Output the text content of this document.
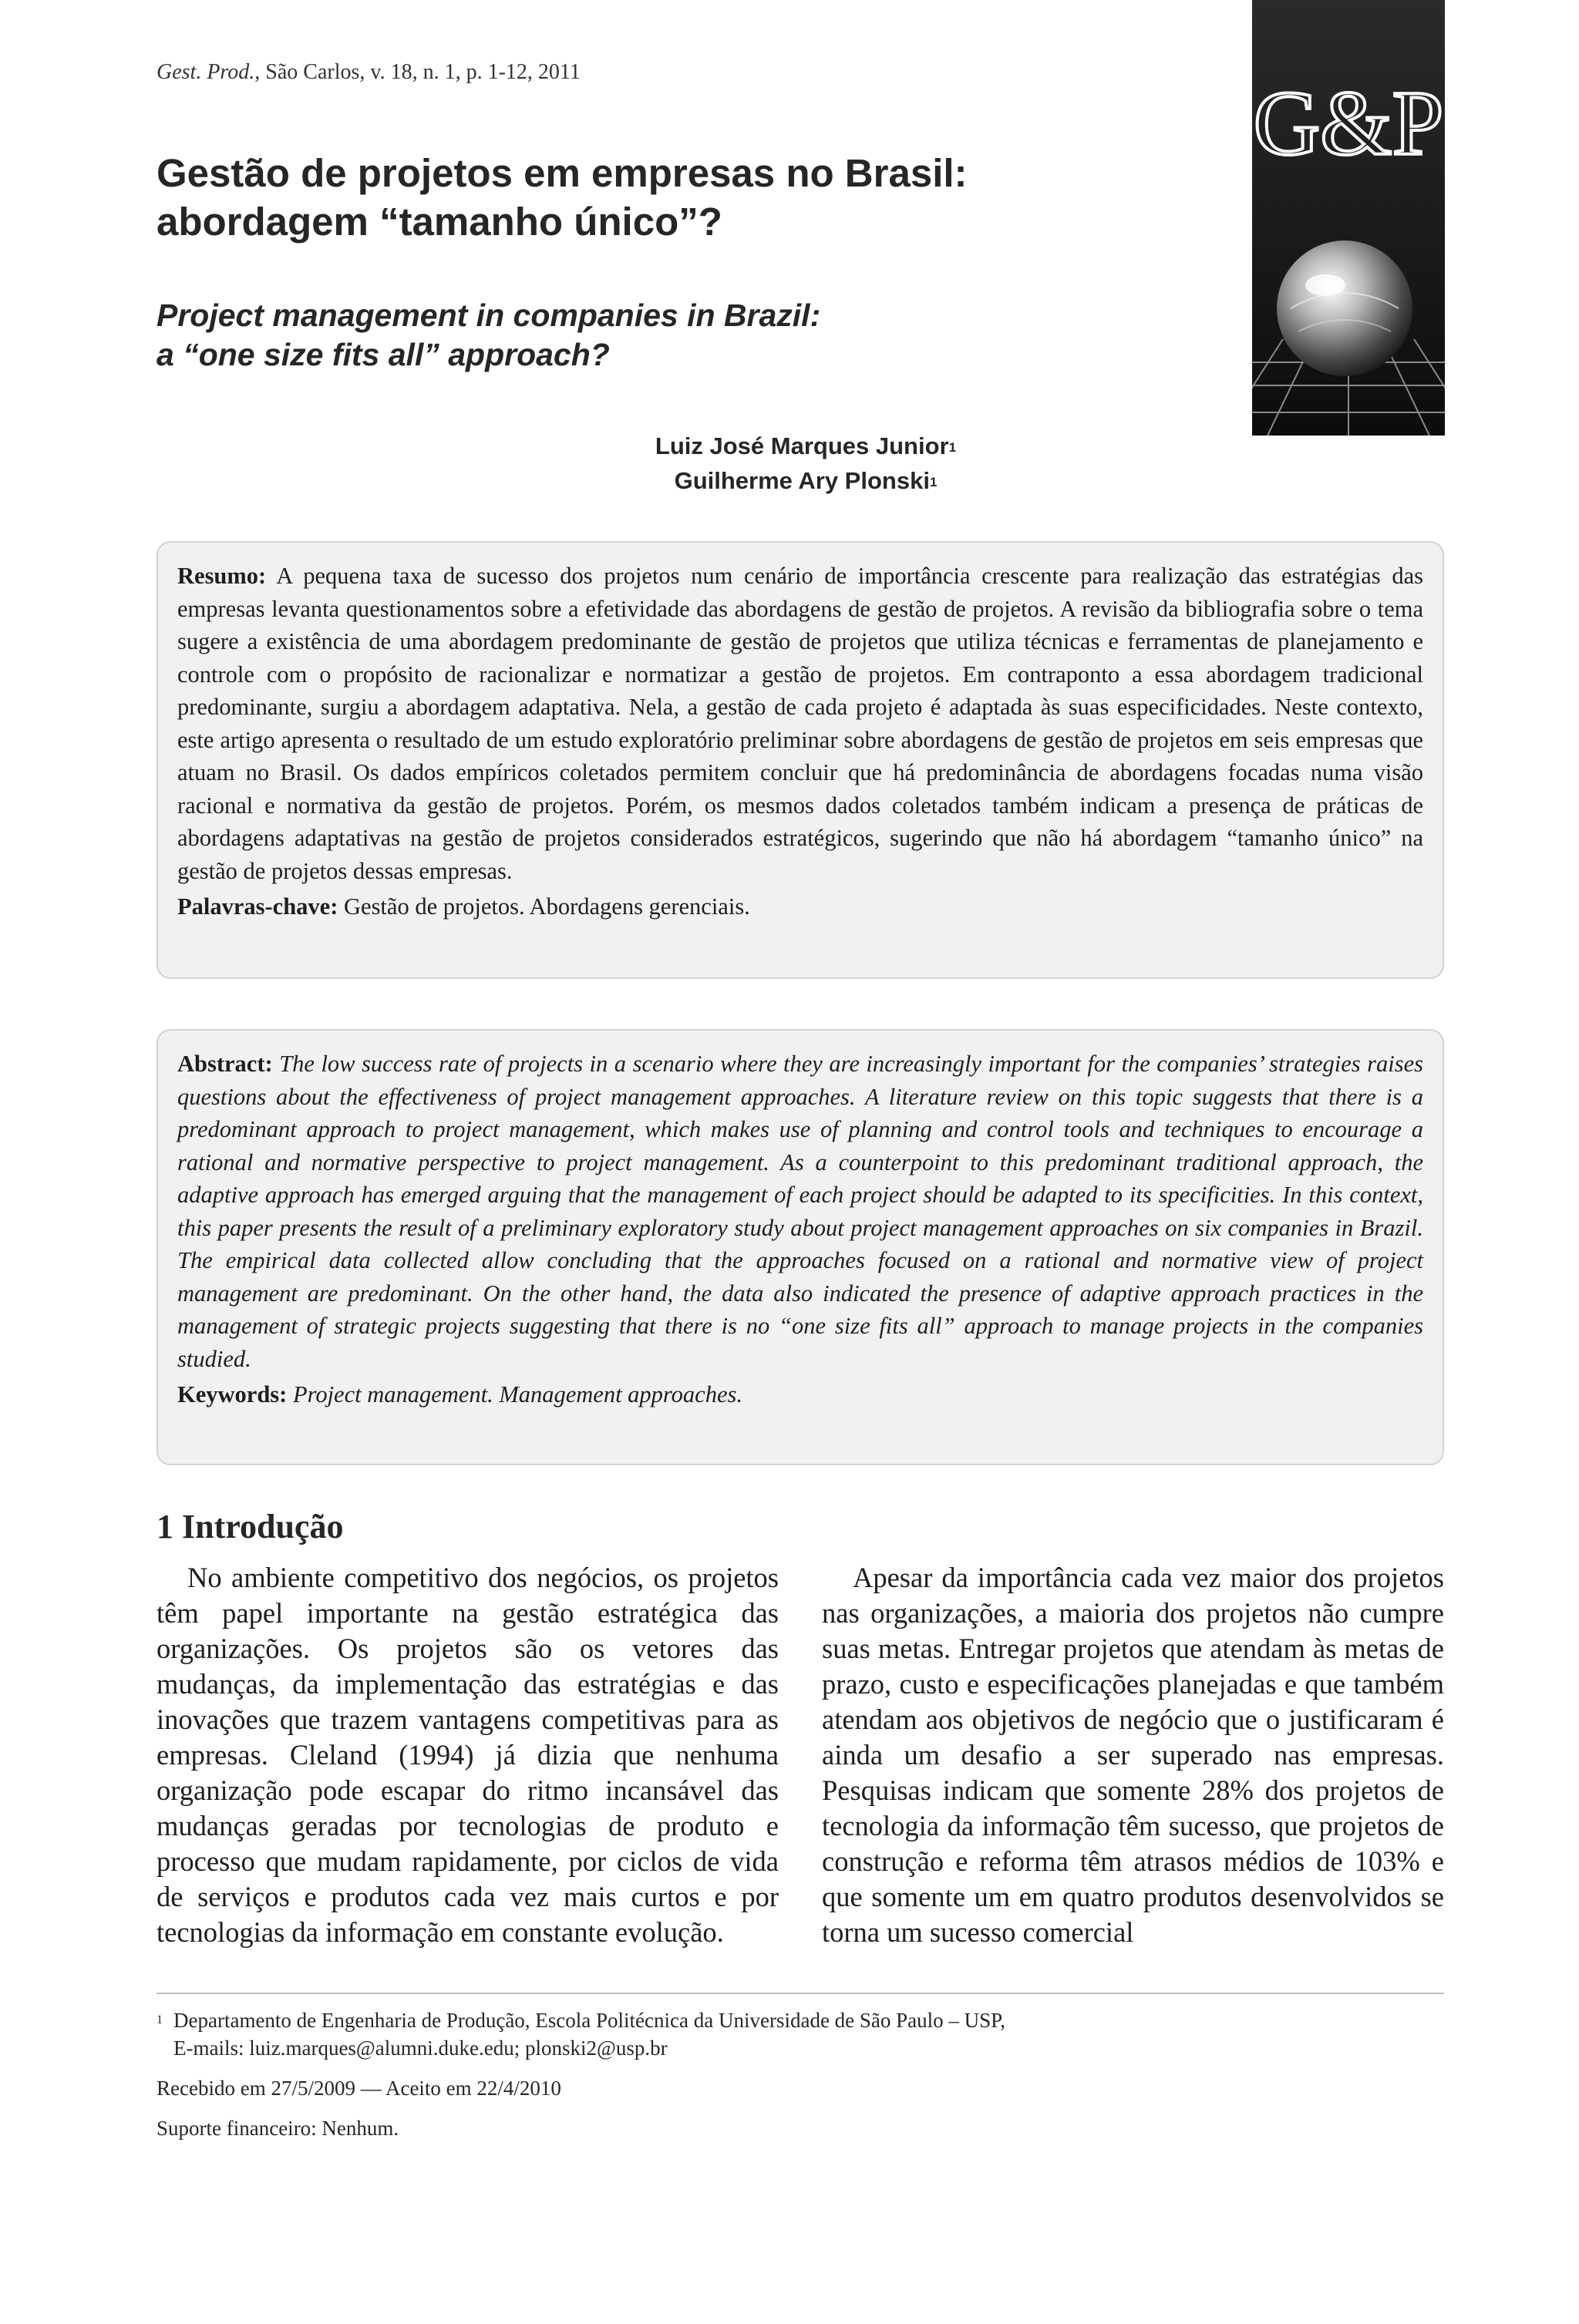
Gest. Prod., São Carlos, v. 18, n. 1, p. 1-12, 2011	G&P
Gestão de projetos em empresas no Brasil:
abordagem “tamanho único”?
Project management in companies in Brazil:
a “one size fits all” approach?
Luiz José Marques Junior$^1$
Guilherme Ary Plonski$^1$

Resumo: A pequena taxa de sucesso dos projetos num cenário de importância crescente para realização das estratégias das empresas levanta questionamentos sobre a efetividade das abordagens de gestão de projetos. A revisão da bibliografia sobre o tema sugere a existência de uma abordagem predominante de gestão de projetos que utiliza técnicas e ferramentas de planejamento e controle com o propósito de racionalizar e normatizar a gestão de projetos. Em contraponto a essa abordagem tradicional predominante, surgiu a abordagem adaptativa. Nela, a gestão de cada projeto é adaptada às suas especificidades. Neste contexto, este artigo apresenta o resultado de um estudo exploratório preliminar sobre abordagens de gestão de projetos em seis empresas que atuam no Brasil. Os dados empíricos coletados permitem concluir que há predominância de abordagens focadas numa visão racional e normativa da gestão de projetos. Porém, os mesmos dados coletados também indicam a presença de práticas de abordagens adaptativas na gestão de projetos considerados estratégicos, sugerindo que não há abordagem “tamanho único” na gestão de projetos dessas empresas.

Palavras-chave: Gestão de projetos. Abordagens gerenciais.

Abstract: The low success rate of projects in a scenario where they are increasingly important for the companies’ strategies raises questions about the effectiveness of project management approaches. A literature review on this topic suggests that there is a predominant approach to project management, which makes use of planning and control tools and techniques to encourage a rational and normative perspective to project management. As a counterpoint to this predominant traditional approach, the adaptive approach has emerged arguing that the management of each project should be adapted to its specificities. In this context, this paper presents the result of a preliminary exploratory study about project management approaches on six companies in Brazil. The empirical data collected allow concluding that the approaches focused on a rational and normative view of project management are predominant. On the other hand, the data also indicated the presence of adaptive approach practices in the management of strategic projects suggesting that there is no “one size fits all” approach to manage projects in the companies studied.

Keywords: Project management. Management approaches.

1 Introdução

No ambiente competitivo dos negócios, os projetos têm papel importante na gestão estratégica das organizações. Os projetos são os vetores das mudanças, da implementação das estratégias e das inovações que trazem vantagens competitivas para as empresas. Cleland (1994) já dizia que nenhuma organização pode escapar do ritmo incansável das mudanças geradas por tecnologias de produto e processo que mudam rapidamente, por ciclos de vida de serviços e produtos cada vez mais curtos e por tecnologias da informação em constante evolução.

Apesar da importância cada vez maior dos projetos nas organizações, a maioria dos projetos não cumpre suas metas. Entregar projetos que atendam às metas de prazo, custo e especificações planejadas e que também atendam aos objetivos de negócio que o justificaram é ainda um desafio a ser superado nas empresas. Pesquisas indicam que somente 28% dos projetos de tecnologia da informação têm sucesso, que projetos de construção e reforma têm atrasos médios de 103% e que somente um em quatro produtos desenvolvidos se torna um sucesso comercial

$^1$ Departamento de Engenharia de Produção, Escola Politécnica da Universidade de São Paulo – USP,
E-mails: luiz.marques@alumni.duke.edu; plonski2@usp.br

Recebido em 27/5/2009 — Aceito em 22/4/2010

Suporte financeiro: Nenhum.
